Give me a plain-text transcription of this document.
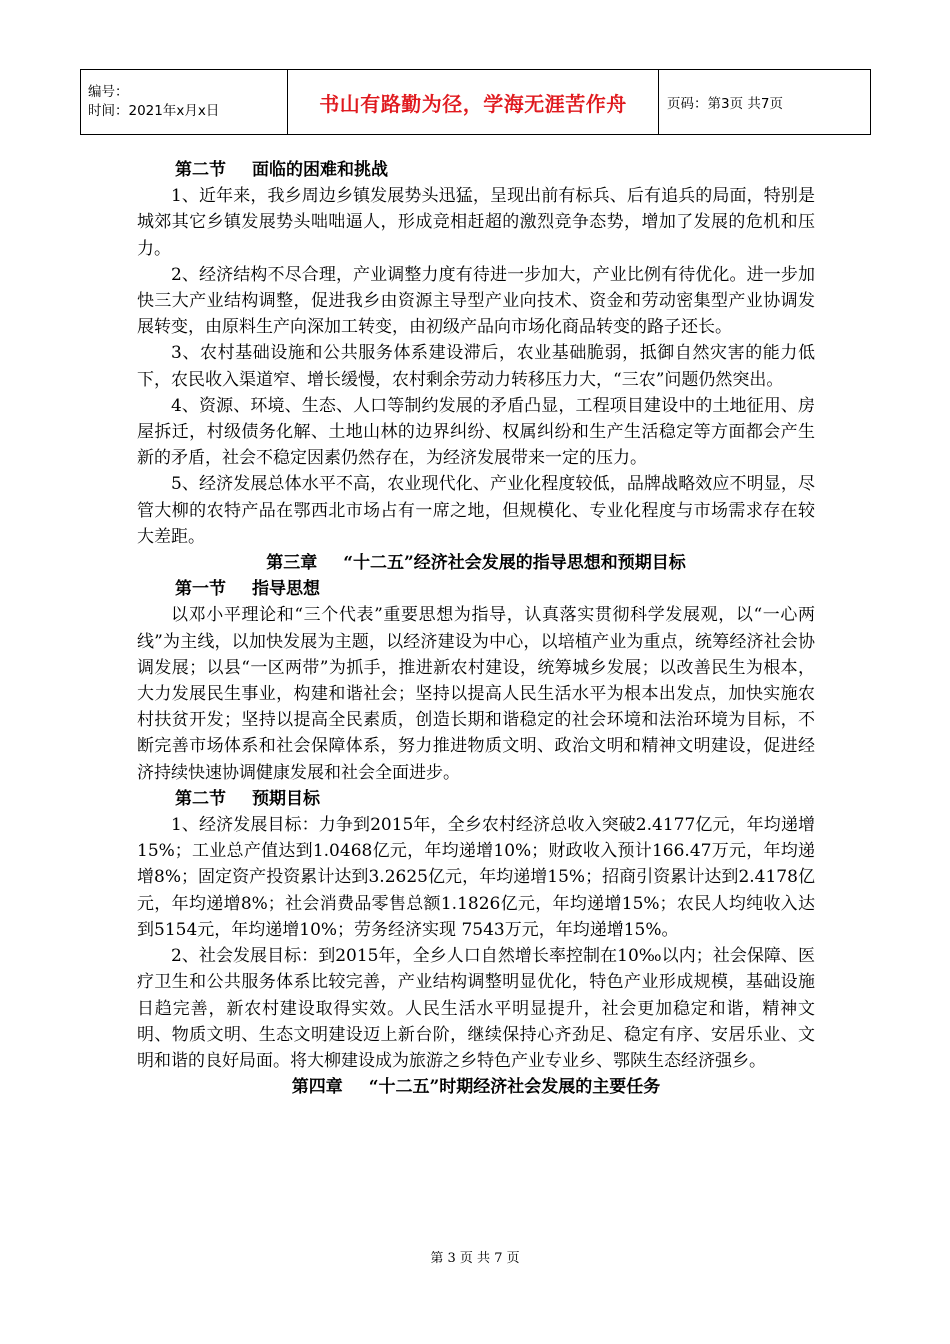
编号：
时间：2021年x月x日	书山有路勤为径，学海无涯苦作舟	页码：第3页 共7页
第二节 面临的困难和挑战

1、近年来，我乡周边乡镇发展势头迅猛，呈现出前有标兵、后有追兵的局面，特别是城郊其它乡镇发展势头咄咄逼人，形成竞相赶超的激烈竞争态势，增加了发展的危机和压力。

2、经济结构不尽合理，产业调整力度有待进一步加大，产业比例有待优化。进一步加快三大产业结构调整，促进我乡由资源主导型产业向技术、资金和劳动密集型产业协调发展转变，由原料生产向深加工转变，由初级产品向市场化商品转变的路子还长。

3、农村基础设施和公共服务体系建设滞后，农业基础脆弱，抵御自然灾害的能力低下，农民收入渠道窄、增长缓慢，农村剩余劳动力转移压力大，“三农”问题仍然突出。

4、资源、环境、生态、人口等制约发展的矛盾凸显，工程项目建设中的土地征用、房屋拆迁，村级债务化解、土地山林的边界纠纷、权属纠纷和生产生活稳定等方面都会产生新的矛盾，社会不稳定因素仍然存在，为经济发展带来一定的压力。

5、经济发展总体水平不高，农业现代化、产业化程度较低，品牌战略效应不明显，尽管大柳的农特产品在鄂西北市场占有一席之地，但规模化、专业化程度与市场需求存在较大差距。

第三章 “十二五”经济社会发展的指导思想和预期目标
第一节 指导思想

以邓小平理论和“三个代表”重要思想为指导，认真落实贯彻科学发展观，以“一心两线”为主线，以加快发展为主题，以经济建设为中心，以培植产业为重点，统筹经济社会协调发展；以县“一区两带”为抓手，推进新农村建设，统筹城乡发展；以改善民生为根本，大力发展民生事业，构建和谐社会；坚持以提高人民生活水平为根本出发点，加快实施农村扶贫开发；坚持以提高全民素质，创造长期和谐稳定的社会环境和法治环境为目标，不断完善市场体系和社会保障体系，努力推进物质文明、政治文明和精神文明建设，促进经济持续快速协调健康发展和社会全面进步。

第二节 预期目标

1、经济发展目标：力争到2015年，全乡农村经济总收入突破2.4177亿元，年均递增15%；工业总产值达到1.0468亿元，年均递增10%；财政收入预计166.47万元，年均递增8%；固定资产投资累计达到3.2625亿元，年均递增15%；招商引资累计达到2.4178亿元，年均递增8%；社会消费品零售总额1.1826亿元，年均递增15%；农民人均纯收入达到5154元，年均递增10%；劳务经济实现 7543万元，年均递增15%。

2、社会发展目标：到2015年，全乡人口自然增长率控制在10‰以内；社会保障、医疗卫生和公共服务体系比较完善，产业结构调整明显优化，特色产业形成规模，基础设施日趋完善，新农村建设取得实效。人民生活水平明显提升，社会更加稳定和谐，精神文明、物质文明、生态文明建设迈上新台阶，继续保持心齐劲足、稳定有序、安居乐业、文明和谐的良好局面。将大柳建设成为旅游之乡特色产业专业乡、鄂陕生态经济强乡。

第四章 “十二五”时期经济社会发展的主要任务
第 3 页 共 7 页
